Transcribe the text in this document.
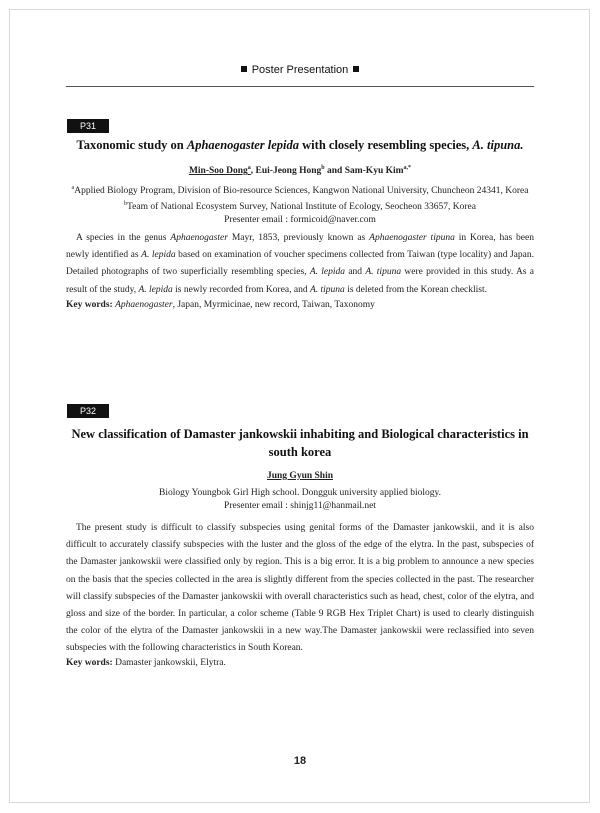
Poster Presentation
P31
Taxonomic study on Aphaenogaster lepida with closely resembling species, A. tipuna.
Min-Soo Dong$^a$, Eui-Jeong Hong$^b$ and Sam-Kyu Kim$^{a,*}$
$^a$Applied Biology Program, Division of Bio-resource Sciences, Kangwon National University, Chuncheon 24341, Korea
$^b$Team of National Ecosystem Survey, National Institute of Ecology, Seocheon 33657, Korea
Presenter email : formicoid@naver.com

A species in the genus Aphaenogaster Mayr, 1853, previously known as Aphaenogaster tipuna in Korea, has been newly identified as A. lepida based on examination of voucher specimens collected from Taiwan (type locality) and Japan. Detailed photographs of two superficially resembling species, A. lepida and A. tipuna were provided in this study. As a result of the study, A. lepida is newly recorded from Korea, and A. tipuna is deleted from the Korean checklist.

Key words: Aphaenogaster, Japan, Myrmicinae, new record, Taiwan, Taxonomy
P32
New classification of Damaster jankowskii inhabiting and Biological characteristics in
south korea
Jung Gyun Shin
Biology Youngbok Girl High school. Dongguk university applied biology.
Presenter email : shinjg11@hanmail.net

The present study is difficult to classify subspecies using genital forms of the Damaster jankowskii, and it is also difficult to accurately classify subspecies with the luster and the gloss of the edge of the elytra. In the past, subspecies of the Damaster jankowskii were classified only by region. This is a big error. It is a big problem to announce a new species on the basis that the species collected in the area is slightly different from the species collected in the past. The researcher will classify subspecies of the Damaster jankowskii with overall characteristics such as head, chest, color of the elytra, and gloss and size of the border. In particular, a color scheme (Table 9 RGB Hex Triplet Chart) is used to clearly distinguish the color of the elytra of the Damaster jankowskii in a new way.The Damaster jankowskii were reclassified into seven subspecies with the following characteristics in South Korean.

Key words: Damaster jankowskii, Elytra.
18
